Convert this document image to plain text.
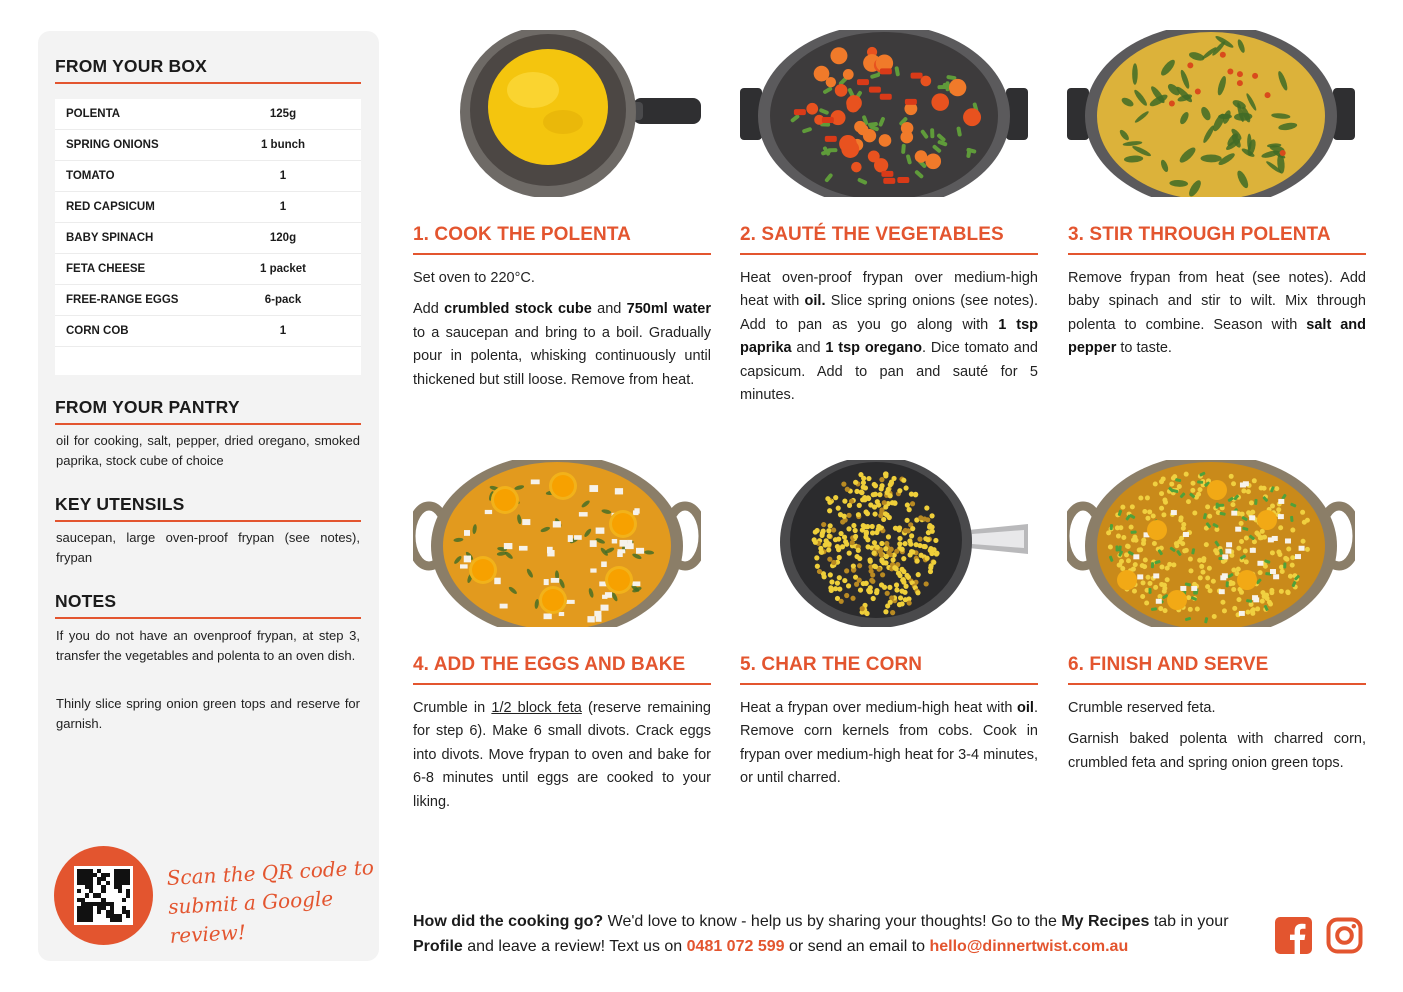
FROM YOUR BOX
POLENTA	125g
SPRING ONIONS	1 bunch
TOMATO	1
RED CAPSICUM	1
BABY SPINACH	120g
FETA CHEESE	1 packet
FREE-RANGE EGGS	6-pack
CORN COB	1
FROM YOUR PANTRY
oil for cooking, salt, pepper, dried oregano, smoked paprika, stock cube of choice
KEY UTENSILS
saucepan, large oven-proof frypan (see notes), frypan
NOTES
If you do not have an ovenproof frypan, at step 3, transfer the vegetables and polenta to an oven dish.
Thinly slice spring onion green tops and reserve for garnish.
Scan the QR code to
submit a Google review!
1. COOK THE POLENTA

Set oven to 220°C.

Add crumbled stock cube and 750ml water to a saucepan and bring to a boil. Gradually pour in polenta, whisking continuously until thickened but still loose. Remove from heat.

2. SAUTÉ THE VEGETABLES

Heat oven-proof frypan over medium-high heat with oil. Slice spring onions (see notes). Add to pan as you go along with 1 tsp paprika and 1 tsp oregano. Dice tomato and capsicum. Add to pan and sauté for 5 minutes.

3. STIR THROUGH POLENTA

Remove frypan from heat (see notes). Add baby spinach and stir to wilt. Mix through polenta to combine. Season with salt and pepper to taste.

4. ADD THE EGGS AND BAKE

Crumble in 1/2 block feta (reserve remaining for step 6). Make 6 small divots. Crack eggs into divots. Move frypan to oven and bake for 6-8 minutes until eggs are cooked to your liking.

5. CHAR THE CORN

Heat a frypan over medium-high heat with oil. Remove corn kernels from cobs. Cook in frypan over medium-high heat for 3-4 minutes, or until charred.

6. FINISH AND SERVE

Crumble reserved feta.

Garnish baked polenta with charred corn, crumbled feta and spring onion green tops.

How did the cooking go? We'd love to know - help us by sharing your thoughts! Go to the My Recipes tab in your Profile and leave a review! Text us on 0481 072 599 or send an email to hello@dinnertwist.com.au
